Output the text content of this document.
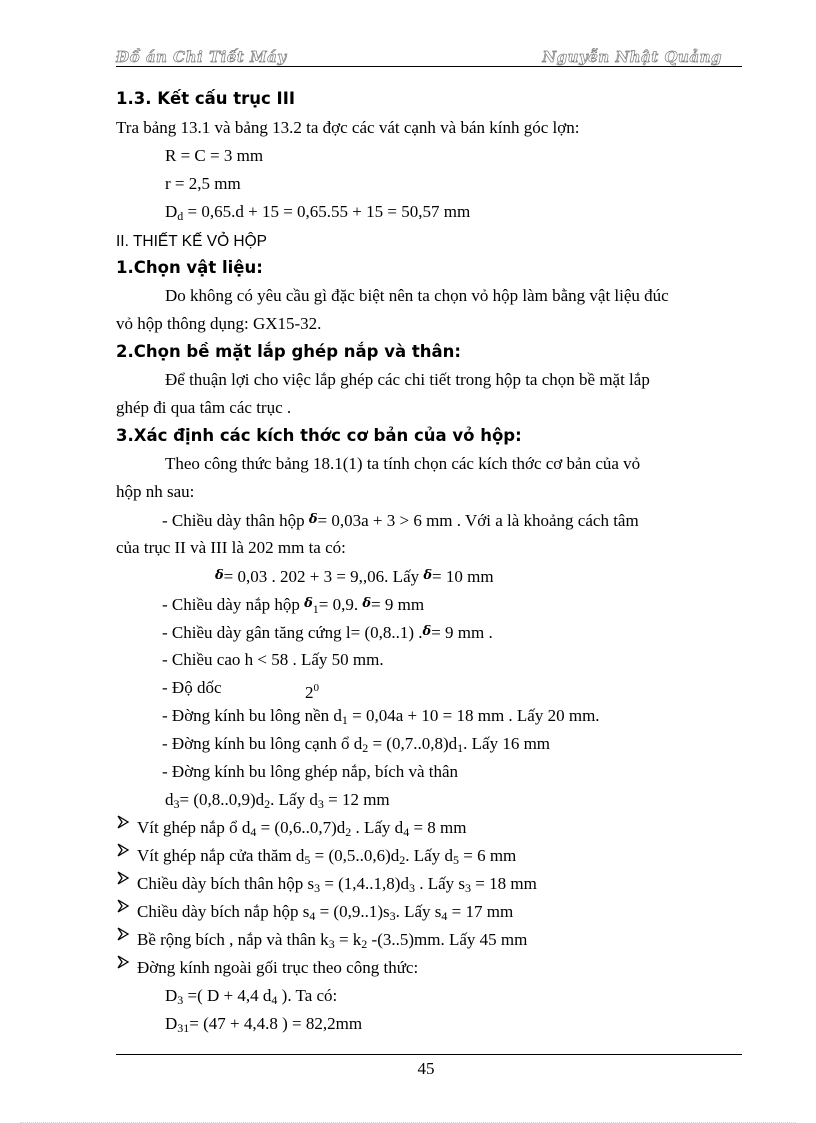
Đồ án Chi Tiết Máy	Nguyễn Nhật Quảng
1.3. Kết cấu trục III
Tra bảng 13.1 và bảng 13.2 ta đợc các vát cạnh và bán kính góc lợn:
R = C = 3 mm
r = 2,5 mm
$D_d = 0,65.d + 15 = 0,65.55 + 15 = 50,57$ mm
II. THIẾT KẾ VỎ HỘP
1.Chọn vật liệu:
Do không có yêu cầu gì đặc biệt nên ta chọn vỏ hộp làm bằng vật liệu đúc
vỏ hộp thông dụng: GX15-32.
2.Chọn bề mặt lắp ghép nắp và thân:
Để thuận lợi cho việc lắp ghép các chi tiết trong hộp ta chọn bề mặt lắp
ghép đi qua tâm các trục .
3.Xác định các kích thớc cơ bản của vỏ hộp:
Theo công thức bảng 18.1(1) ta tính chọn các kích thớc cơ bản của vỏ
hộp nh sau:
- Chiều dày thân hộp δ= 0,03a + 3 > 6 mm . Với a là khoảng cách tâm
của trục II và III là 202 mm ta có:
δ= 0,03 . 202 + 3 = 9,,06. Lấy δ= 10 mm
- Chiều dày nắp hộp $\delta_1= 0,9$. δ= 9 mm
- Chiều dày gân tăng cứng l= (0,8..1) .δ= 9 mm .
- Chiều cao h < 58 . Lấy 50 mm.
- Độ dốc	$2^0$
- Đờng kính bu lông nền $d_1 = 0,04a + 10 = 18$ mm . Lấy 20 mm.
- Đờng kính bu lông cạnh ổ $d_2 = (0,7..0,8)d_1$. Lấy 16 mm
- Đờng kính bu lông ghép nắp, bích và thân
$d_3= (0,8..0,9)d_2$. Lấy $d_3 = 12$ mm
Vít ghép nắp ổ $d_4 = (0,6..0,7)d_2$ . Lấy $d_4 = 8$ mm
Vít ghép nắp cửa thăm $d_5 = (0,5..0,6)d_2$. Lấy $d_5 = 6$ mm
Chiều dày bích thân hộp $s_3 = (1,4..1,8)d_3$ . Lấy $s_3 = 18$ mm
Chiều dày bích nắp hộp $s_4 = (0,9..1)s_3$. Lấy $s_4 = 17$ mm
Bề rộng bích , nắp và thân $k_3 = k_2$ -(3..5)mm. Lấy 45 mm
Đờng kính ngoài gối trục theo công thức:
$D_3$ =( D + 4,4 $d_4$ ). Ta có:
$D_{31}= (47 + 4,4.8$ ) = 82,2mm
45
